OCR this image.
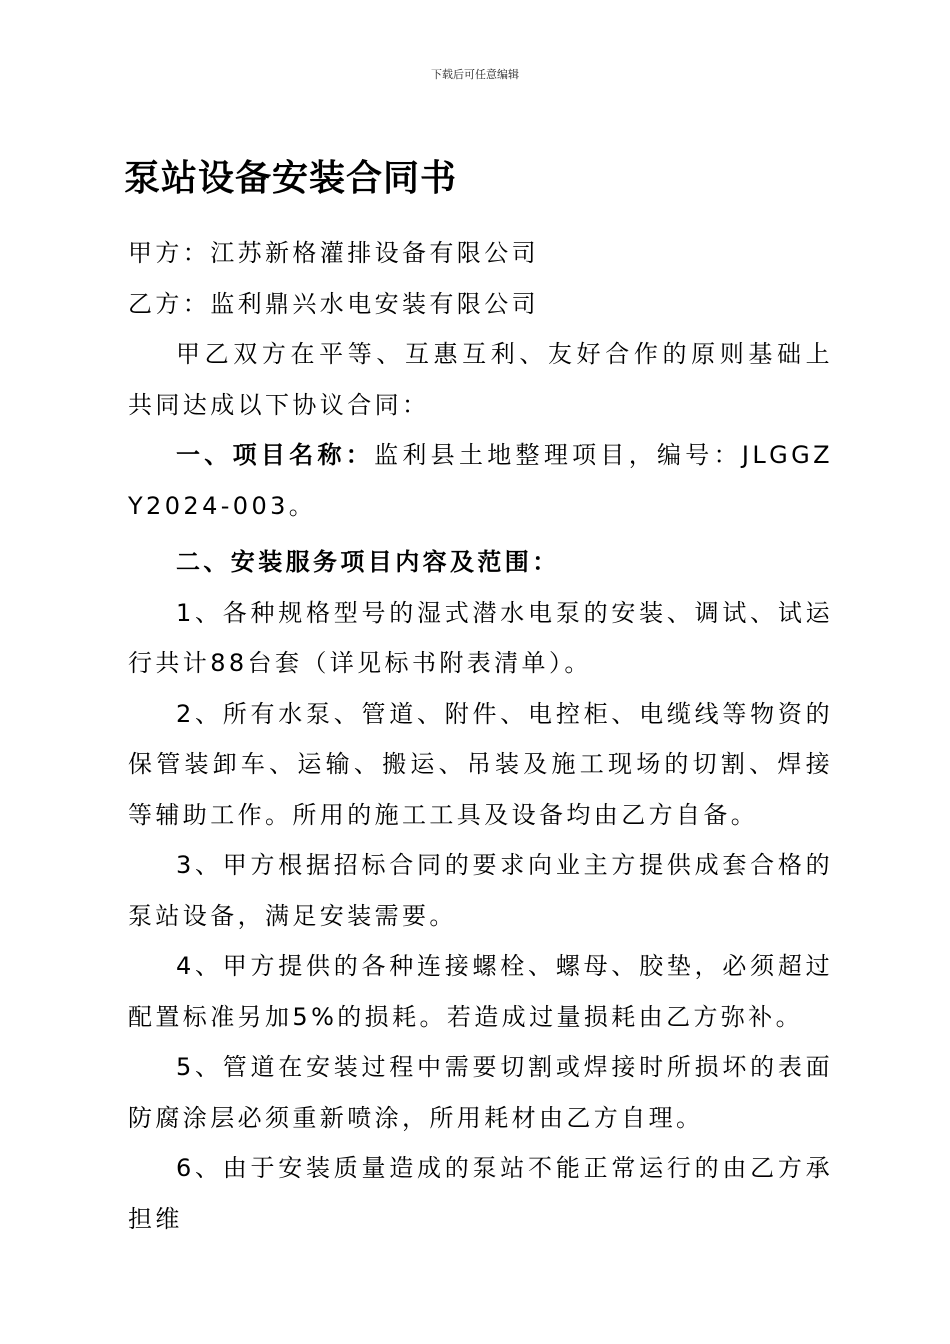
下载后可任意编辑
泵站设备安装合同书

甲方：江苏新格灌排设备有限公司

乙方：监利鼎兴水电安装有限公司

甲乙双方在平等、互惠互利、友好合作的原则基础上共同达成以下协议合同：

一、项目名称：监利县土地整理项目，编号：JLGGZY2024-003。

二、安装服务项目内容及范围：

1、各种规格型号的湿式潜水电泵的安装、调试、试运行共计88台套（详见标书附表清单）。

2、所有水泵、管道、附件、电控柜、电缆线等物资的保管装卸车、运输、搬运、吊装及施工现场的切割、焊接等辅助工作。所用的施工工具及设备均由乙方自备。

3、甲方根据招标合同的要求向业主方提供成套合格的泵站设备，满足安装需要。

4、甲方提供的各种连接螺栓、螺母、胶垫，必须超过配置标准另加5%的损耗。若造成过量损耗由乙方弥补。

5、管道在安装过程中需要切割或焊接时所损坏的表面防腐涂层必须重新喷涂，所用耗材由乙方自理。

6、由于安装质量造成的泵站不能正常运行的由乙方承担维
